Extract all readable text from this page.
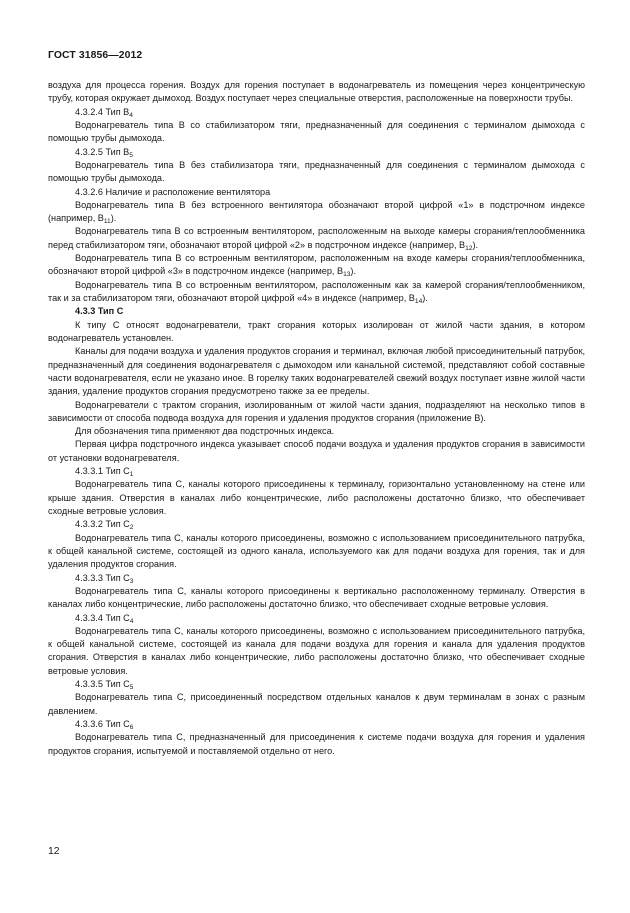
ГОСТ 31856—2012

воздуха для процесса горения. Воздух для горения поступает в водонагреватель из помещения через концентрическую трубу, которая окружает дымоход. Воздух поступает через специальные отверстия, расположенные на поверхности трубы.

4.3.2.4 Тип $B_4$

Водонагреватель типа В со стабилизатором тяги, предназначенный для соединения с терминалом дымохода с помощью трубы дымохода.

4.3.2.5 Тип $B_5$

Водонагреватель типа В без стабилизатора тяги, предназначенный для соединения с терминалом дымохода с помощью трубы дымохода.

4.3.2.6 Наличие и расположение вентилятора

Водонагреватель типа В без встроенного вентилятора обозначают второй цифрой «1» в подстрочном индексе (например, $B_{11}$).

Водонагреватель типа В со встроенным вентилятором, расположенным на выходе камеры сгорания/теплообменника перед стабилизатором тяги, обозначают второй цифрой «2» в подстрочном индексе (например, $B_{12}$).

Водонагреватель типа В со встроенным вентилятором, расположенным на входе камеры сгорания/теплообменника, обозначают второй цифрой «3» в подстрочном индексе (например, $B_{13}$).

Водонагреватель типа В со встроенным вентилятором, расположенным как за камерой сгорания/теплообменником, так и за стабилизатором тяги, обозначают второй цифрой «4» в индексе (например, $B_{14}$).

4.3.3 Тип С

К типу С относят водонагреватели, тракт сгорания которых изолирован от жилой части здания, в котором водонагреватель установлен.

Каналы для подачи воздуха и удаления продуктов сгорания и терминал, включая любой присоединительный патрубок, предназначенный для соединения водонагревателя с дымоходом или канальной системой, представляют собой составные части водонагревателя, если не указано иное. В горелку таких водонагревателей свежий воздух поступает извне жилой части здания, удаление продуктов сгорания предусмотрено также за ее пределы.

Водонагреватели с трактом сгорания, изолированным от жилой части здания, подразделяют на несколько типов в зависимости от способа подвода воздуха для горения и удаления продуктов сгорания (приложение В).

Для обозначения типа применяют два подстрочных индекса.

Первая цифра подстрочного индекса указывает способ подачи воздуха и удаления продуктов сгорания в зависимости от установки водонагревателя.

4.3.3.1 Тип $C_1$

Водонагреватель типа С, каналы которого присоединены к терминалу, горизонтально установленному на стене или крыше здания. Отверстия в каналах либо концентрические, либо расположены достаточно близко, что обеспечивает сходные ветровые условия.

4.3.3.2 Тип $C_2$

Водонагреватель типа С, каналы которого присоединены, возможно с использованием присоединительного патрубка, к общей канальной системе, состоящей из одного канала, используемого как для подачи воздуха для горения, так и для удаления продуктов сгорания.

4.3.3.3 Тип $C_3$

Водонагреватель типа С, каналы которого присоединены к вертикально расположенному терминалу. Отверстия в каналах либо концентрические, либо расположены достаточно близко, что обеспечивает сходные ветровые условия.

4.3.3.4 Тип $C_4$

Водонагреватель типа С, каналы которого присоединены, возможно с использованием присоединительного патрубка, к общей канальной системе, состоящей из канала для подачи воздуха для горения и канала для удаления продуктов сгорания. Отверстия в каналах либо концентрические, либо расположены достаточно близко, что обеспечивает сходные ветровые условия.

4.3.3.5 Тип $C_5$

Водонагреватель типа С, присоединенный посредством отдельных каналов к двум терминалам в зонах с разным давлением.

4.3.3.6 Тип $C_6$

Водонагреватель типа С, предназначенный для присоединения к системе подачи воздуха для горения и удаления продуктов сгорания, испытуемой и поставляемой отдельно от него.

12
